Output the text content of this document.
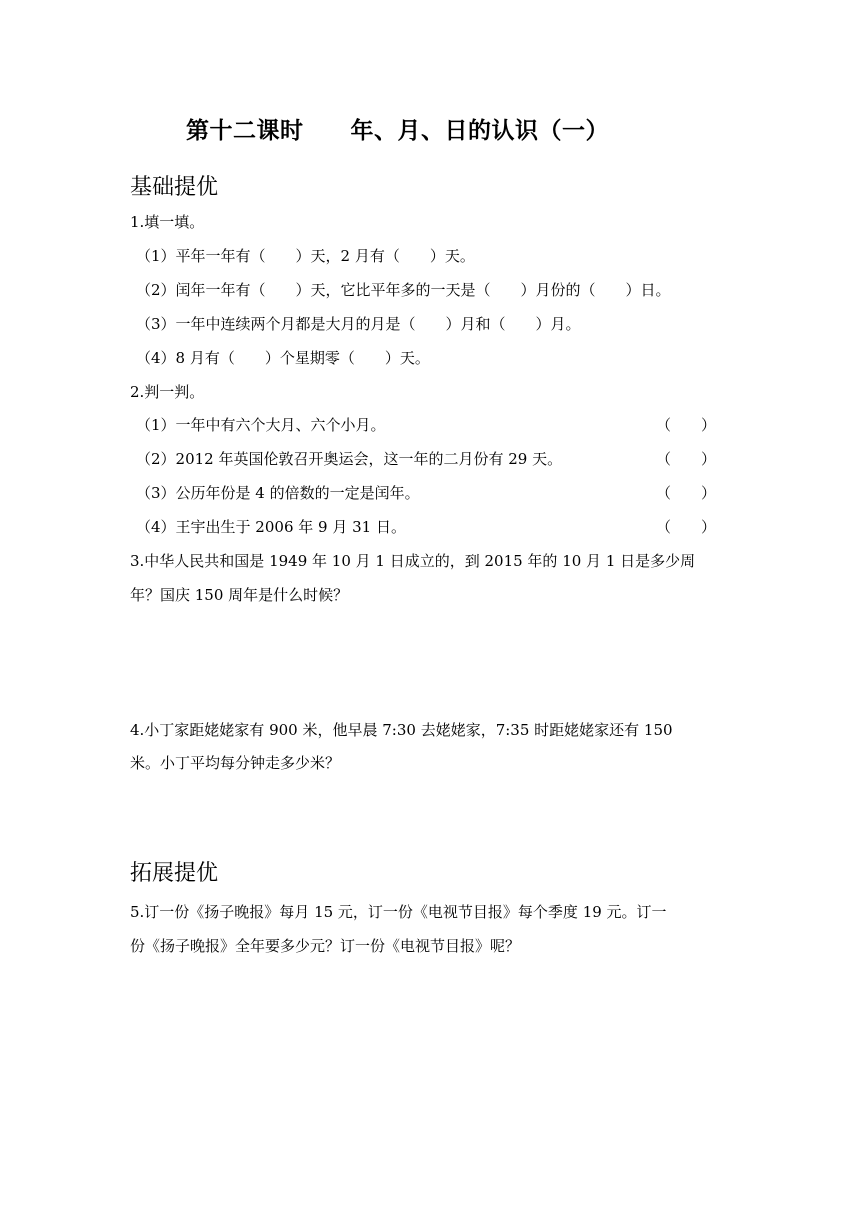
第十二课时　　年、月、日的认识（一）
基础提优
1.填一填。
（1）平年一年有（　　）天，2 月有（　　）天。
（2）闰年一年有（　　）天，它比平年多的一天是（　　）月份的（　　）日。
（3）一年中连续两个月都是大月的月是（　　）月和（　　）月。
（4）8 月有（　　）个星期零（　　）天。
2.判一判。
（1）一年中有六个大月、六个小月。	（　　）
（2）2012 年英国伦敦召开奥运会，这一年的二月份有 29 天。	（　　）
（3）公历年份是 4 的倍数的一定是闰年。	（　　）
（4）王宇出生于 2006 年 9 月 31 日。	（　　）
3.中华人民共和国是 1949 年 10 月 1 日成立的，到 2015 年的 10 月 1 日是多少周
年？国庆 150 周年是什么时候？
4.小丁家距姥姥家有 900 米，他早晨 7:30 去姥姥家，7:35 时距姥姥家还有 150
米。小丁平均每分钟走多少米？
拓展提优
5.订一份《扬子晚报》每月 15 元，订一份《电视节目报》每个季度 19 元。订一
份《扬子晚报》全年要多少元？订一份《电视节目报》呢？
